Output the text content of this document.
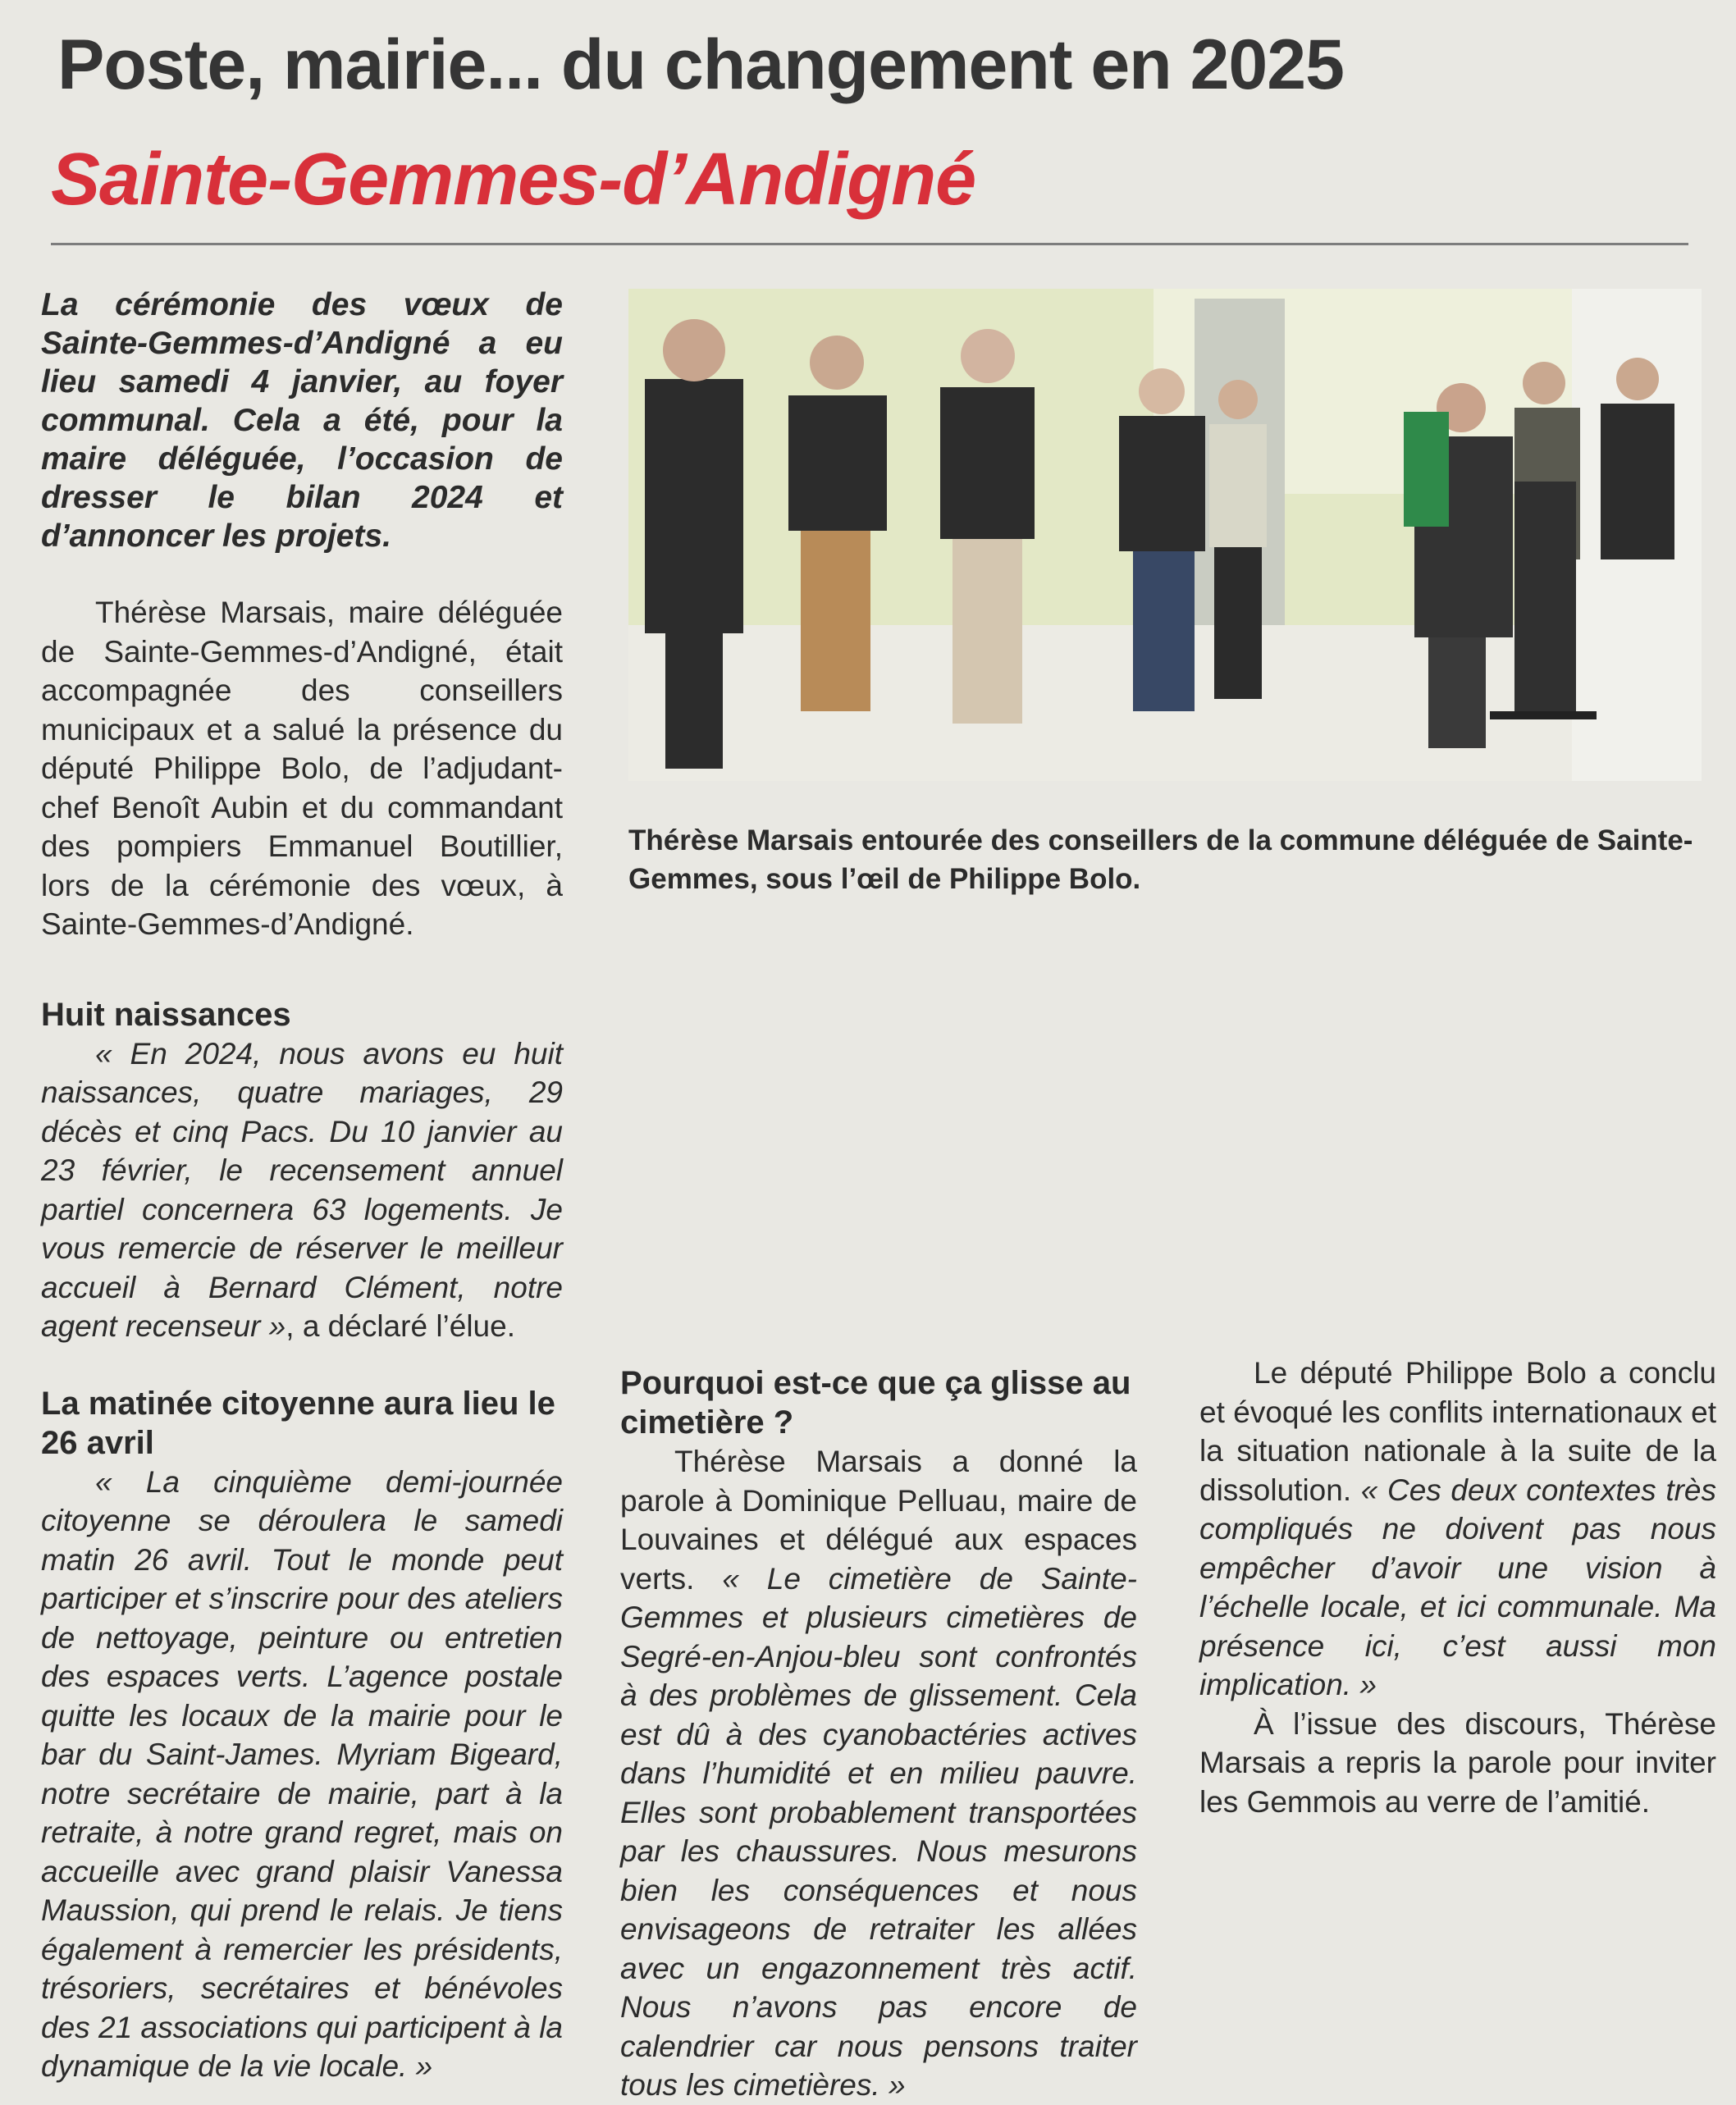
Poste, mairie... du changement en 2025
Sainte-Gemmes-d’Andigné

La cérémonie des vœux de Sainte-Gemmes-d’Andigné a eu lieu samedi 4 janvier, au foyer communal. Cela a été, pour la maire déléguée, l’occasion de dresser le bilan 2024 et d’annoncer les projets.

Thérèse Marsais, maire déléguée de Sainte-Gemmes-d’Andigné, était accompagnée des conseillers municipaux et a salué la présence du député Philippe Bolo, de l’adjudant-chef Benoît Aubin et du commandant des pompiers Emmanuel Boutillier, lors de la cérémonie des vœux, à Sainte-Gemmes-d’Andigné.

Huit naissances

« En 2024, nous avons eu huit naissances, quatre mariages, 29 décès et cinq Pacs. Du 10 janvier au 23 février, le recensement annuel partiel concernera 63 logements. Je vous remercie de réserver le meilleur accueil à Bernard Clément, notre agent recenseur », a déclaré l’élue.

La matinée citoyenne aura lieu le 26 avril

« La cinquième demi-journée citoyenne se déroulera le samedi matin 26 avril. Tout le monde peut participer et s’inscrire pour des ateliers de nettoyage, peinture ou entretien des espaces verts. L’agence postale quitte les locaux de la mairie pour le bar du Saint-James. Myriam Bigeard, notre secrétaire de mairie, part à la retraite, à notre grand regret, mais on accueille avec grand plaisir Vanessa Maussion, qui prend le relais. Je tiens également à remercier les présidents, trésoriers, secrétaires et bénévoles des 21 associations qui participent à la dynamique de la vie locale. »

Thérèse Marsais entourée des conseillers de la commune déléguée de Sainte-Gemmes, sous l’œil de Philippe Bolo.

Pourquoi est-ce que ça glisse au cimetière ?

Thérèse Marsais a donné la parole à Dominique Pelluau, maire de Louvaines et délégué aux espaces verts. « Le cimetière de Sainte-Gemmes et plusieurs cimetières de Segré-en-Anjou-bleu sont confrontés à des problèmes de glissement. Cela est dû à des cyanobactéries actives dans l’humidité et en milieu pauvre. Elles sont probablement transportées par les chaussures. Nous mesurons bien les conséquences et nous envisageons de retraiter les allées avec un engazonnement très actif. Nous n’avons pas encore de calendrier car nous pensons traiter tous les cimetières. »

Le député Philippe Bolo a conclu et évoqué les conflits internationaux et la situation nationale à la suite de la dissolution. « Ces deux contextes très compliqués ne doivent pas nous empêcher d’avoir une vision à l’échelle locale, et ici communale. Ma présence ici, c’est aussi mon implication. »

À l’issue des discours, Thérèse Marsais a repris la parole pour inviter les Gemmois au verre de l’amitié.
